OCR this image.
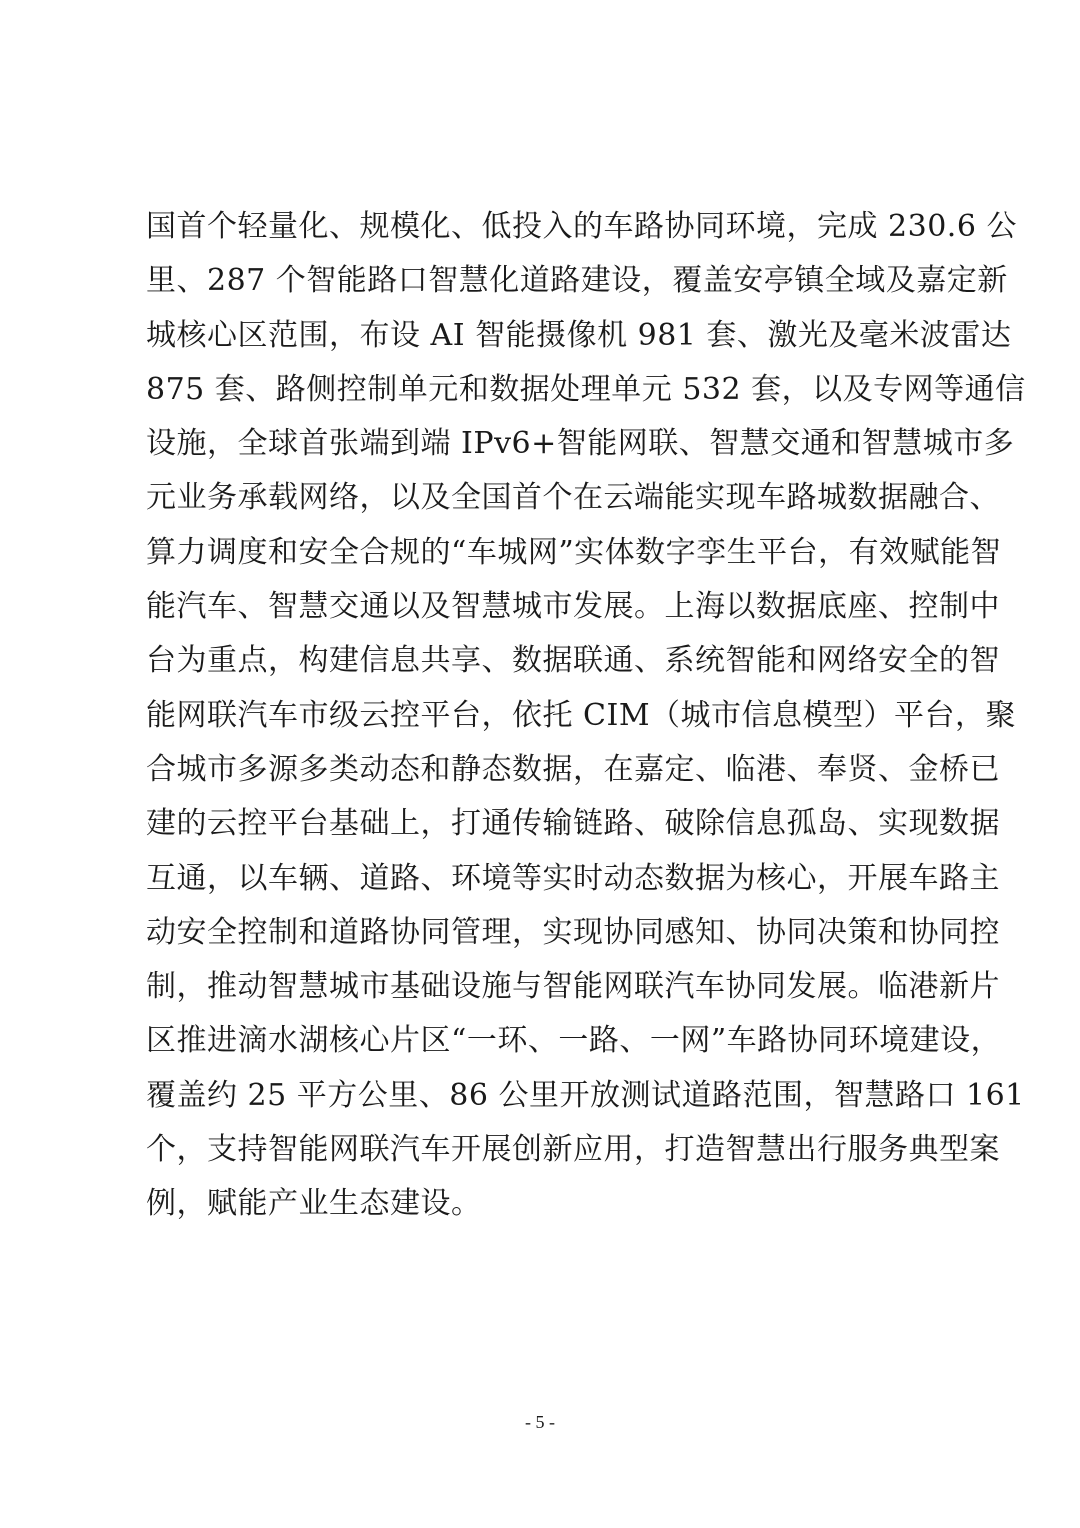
国首个轻量化、规模化、低投入的车路协同环境，完成 230.6 公
里、287 个智能路口智慧化道路建设，覆盖安亭镇全域及嘉定新
城核心区范围，布设 AI 智能摄像机 981 套、激光及毫米波雷达
875 套、路侧控制单元和数据处理单元 532 套，以及专网等通信
设施，全球首张端到端 IPv6+智能网联、智慧交通和智慧城市多
元业务承载网络，以及全国首个在云端能实现车路城数据融合、
算力调度和安全合规的“车城网”实体数字孪生平台，有效赋能智
能汽车、智慧交通以及智慧城市发展。上海以数据底座、控制中
台为重点，构建信息共享、数据联通、系统智能和网络安全的智
能网联汽车市级云控平台，依托 CIM（城市信息模型）平台，聚
合城市多源多类动态和静态数据，在嘉定、临港、奉贤、金桥已
建的云控平台基础上，打通传输链路、破除信息孤岛、实现数据
互通，以车辆、道路、环境等实时动态数据为核心，开展车路主
动安全控制和道路协同管理，实现协同感知、协同决策和协同控
制，推动智慧城市基础设施与智能网联汽车协同发展。临港新片
区推进滴水湖核心片区“一环、一路、一网”车路协同环境建设，
覆盖约 25 平方公里、86 公里开放测试道路范围，智慧路口 161
个，支持智能网联汽车开展创新应用，打造智慧出行服务典型案
例，赋能产业生态建设。
- 5 -
